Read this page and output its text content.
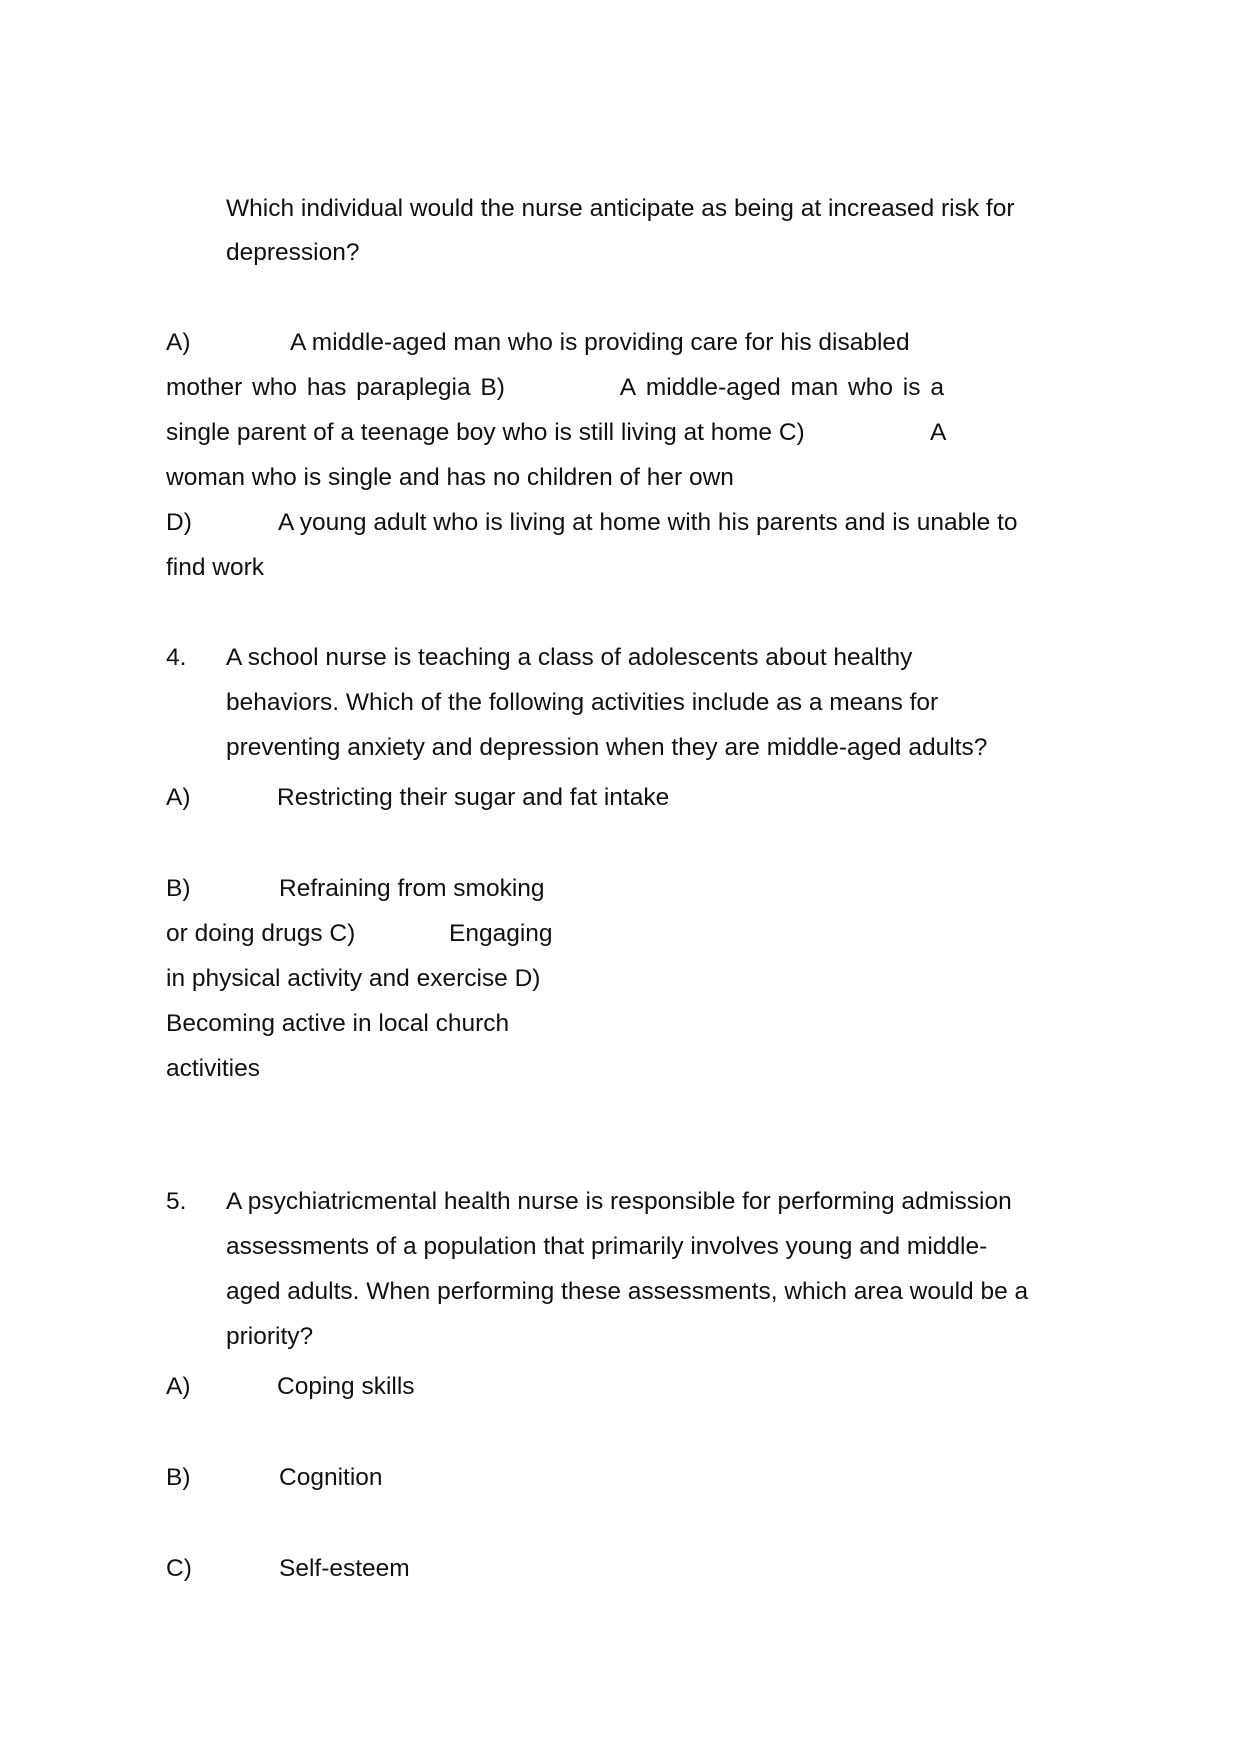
Which individual would the nurse anticipate as being at increased risk for

depression?

A)	A middle-aged man who is providing care for his disabled

mother who has paraplegia B)	A middle-aged man who is a

single parent of a teenage boy who is still living at home C)	A

woman who is single and has no children of her own

D)	A young adult who is living at home with his parents and is unable to

find work

4. A school nurse is teaching a class of adolescents about healthy

behaviors. Which of the following activities include as a means for

preventing anxiety and depression when they are middle-aged adults?

A)	Restricting their sugar and fat intake

B)	Refraining from smoking

or doing drugs C)	Engaging

in physical activity and exercise D)

Becoming active in local church

activities

5. A psychiatricmental health nurse is responsible for performing admission

assessments of a population that primarily involves young and middle-

aged adults. When performing these assessments, which area would be a

priority?

A)	Coping skills

B)	Cognition

C)	Self-esteem
